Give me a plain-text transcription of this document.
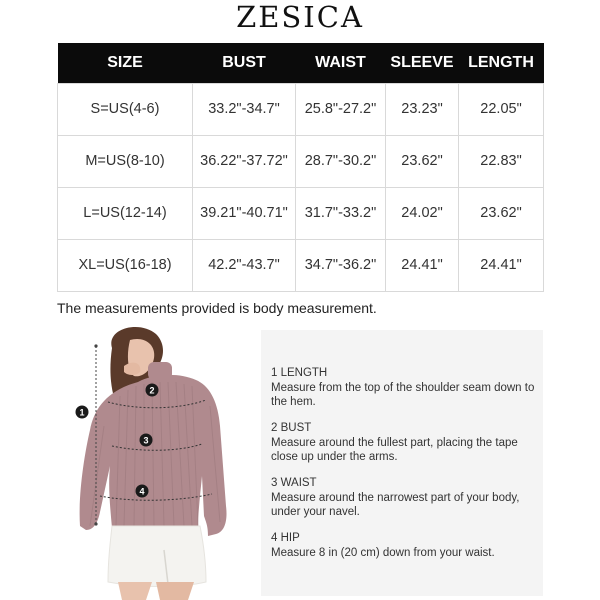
ZESICA
SIZE	BUST	WAIST	SLEEVE	LENGTH
S=US(4-6)	33.2"-34.7"	25.8"-27.2"	23.23"	22.05"
M=US(8-10)	36.22"-37.72"	28.7"-30.2"	23.62"	22.83"
L=US(12-14)	39.21"-40.71"	31.7"-33.2"	24.02"	23.62"
XL=US(16-18)	42.2"-43.7"	34.7"-36.2"	24.41"	24.41"
The measurements provided is body measurement.
1
2
3
4
1 LENGTH
Measure from the top of the shoulder seam down to the hem.
2 BUST
Measure around the fullest part, placing the tape close up under the arms.
3 WAIST
Measure around the narrowest part of your body, under your navel.
4 HIP
Measure 8 in (20 cm) down from your waist.
